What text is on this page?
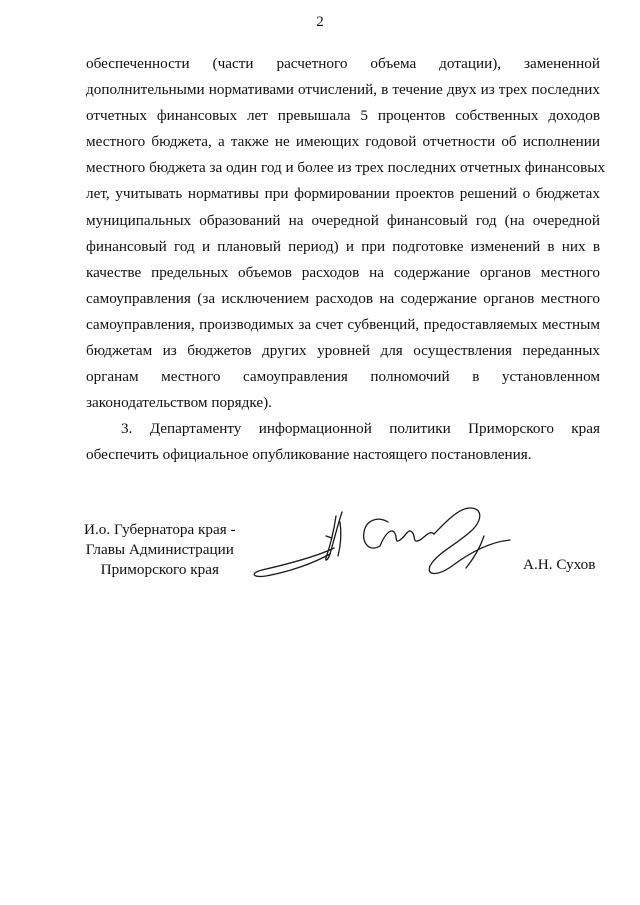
2
обеспеченности (части расчетного объема дотации), замененной
дополнительными нормативами отчислений, в течение двух из трех последних
отчетных финансовых лет превышала 5 процентов собственных доходов
местного бюджета, а также не имеющих годовой отчетности об исполнении
местного бюджета за один год и более из трех последних отчетных финансовых
лет, учитывать нормативы при формировании проектов решений о бюджетах
муниципальных образований на очередной финансовый год (на очередной
финансовый год и плановый период) и при подготовке изменений в них в
качестве предельных объемов расходов на содержание органов местного
самоуправления (за исключением расходов на содержание органов местного
самоуправления, производимых за счет субвенций, предоставляемых местным
бюджетам из бюджетов других уровней для осуществления переданных
органам местного самоуправления полномочий в установленном
законодательством порядке).
3. Департаменту информационной политики Приморского края
обеспечить официальное опубликование настоящего постановления.
И.о. Губернатора края -
Главы Администрации
Приморского края	А.Н. Сухов
